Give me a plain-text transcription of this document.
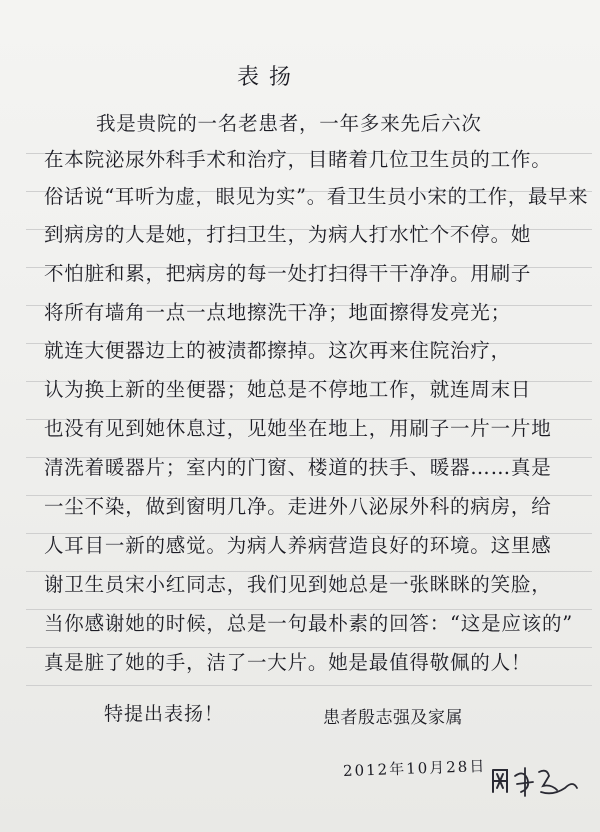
表扬
我是贵院的一名老患者，一年多来先后六次
在本院泌尿外科手术和治疗，目睹着几位卫生员的工作。
俗话说“耳听为虚，眼见为实”。看卫生员小宋的工作，最早来
到病房的人是她，打扫卫生，为病人打水忙个不停。她
不怕脏和累，把病房的每一处打扫得干干净净。用刷子
将所有墙角一点一点地擦洗干净；地面擦得发亮光；
就连大便器边上的被渍都擦掉。这次再来住院治疗，
认为换上新的坐便器；她总是不停地工作，就连周末日
也没有见到她休息过，见她坐在地上，用刷子一片一片地
清洗着暖器片；室内的门窗、楼道的扶手、暖器……真是
一尘不染，做到窗明几净。走进外八泌尿外科的病房，给
人耳目一新的感觉。为病人养病营造良好的环境。这里感
谢卫生员宋小红同志，我们见到她总是一张眯眯的笑脸，
当你感谢她的时候，总是一句最朴素的回答：“这是应该的”
真是脏了她的手，洁了一大片。她是最值得敬佩的人！
特提出表扬！	患者殷志强及家属
2012年10月28日
